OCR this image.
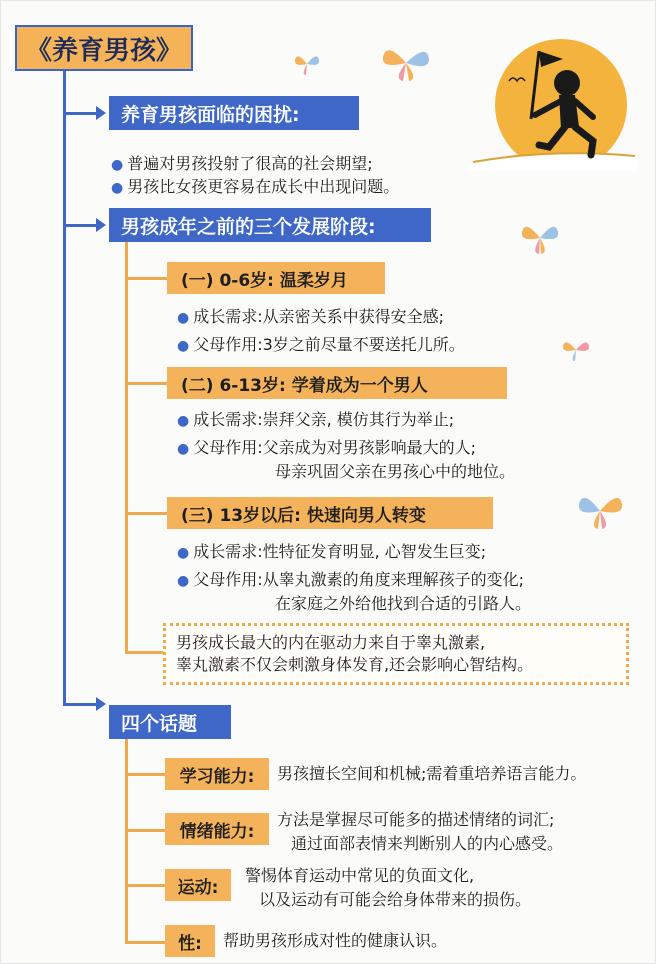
《养育男孩》
养育男孩面临的困扰:
● 普遍对男孩投射了很高的社会期望;
● 男孩比女孩更容易在成长中出现问题。
男孩成年之前的三个发展阶段:
(一) 0-6岁: 温柔岁月
● 成长需求:从亲密关系中获得安全感;
● 父母作用:3岁之前尽量不要送托儿所。
(二) 6-13岁: 学着成为一个男人
● 成长需求:崇拜父亲, 模仿其行为举止;
● 父母作用:父亲成为对男孩影响最大的人;
母亲巩固父亲在男孩心中的地位。
(三) 13岁以后: 快速向男人转变
● 成长需求:性特征发育明显, 心智发生巨变;
● 父母作用:从睾丸激素的角度来理解孩子的变化;
在家庭之外给他找到合适的引路人。
男孩成长最大的内在驱动力来自于睾丸激素,
睾丸激素不仅会刺激身体发育,还会影响心智结构。
四个话题
学习能力:	男孩擅长空间和机械;需着重培养语言能力。
情绪能力:
方法是掌握尽可能多的描述情绪的词汇;
通过面部表情来判断别人的内心感受。
运动:
警惕体育运动中常见的负面文化,
以及运动有可能会给身体带来的损伤。
性:	帮助男孩形成对性的健康认识。
